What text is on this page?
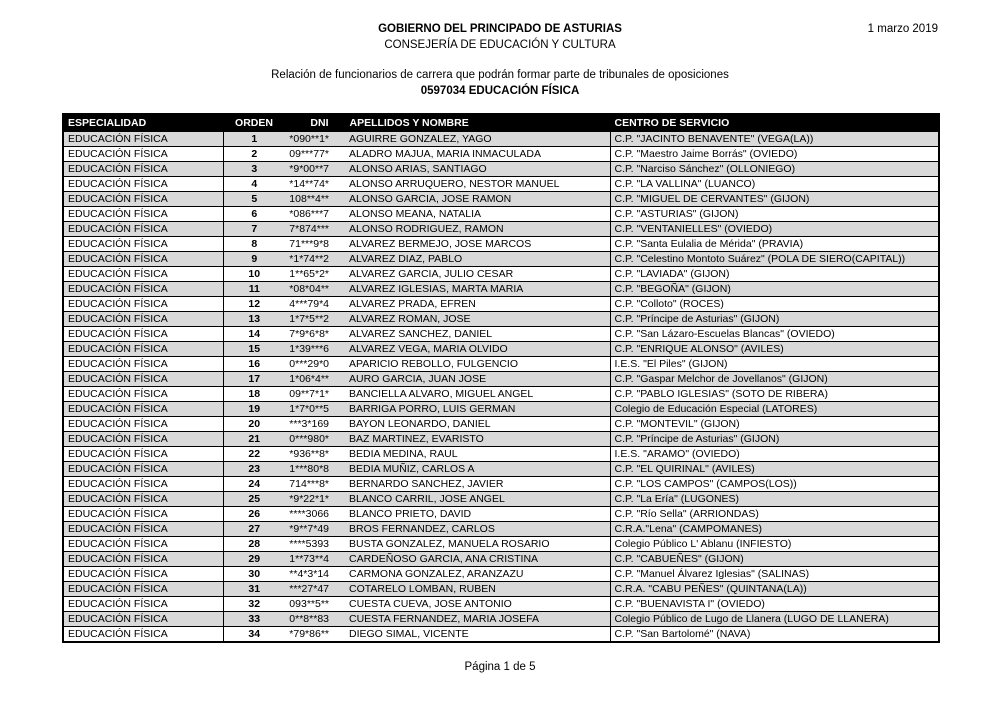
GOBIERNO DEL PRINCIPADO DE ASTURIAS
CONSEJERÍA DE EDUCACIÓN Y CULTURA
1 marzo 2019
Relación de funcionarios de carrera que podrán formar parte de tribunales de oposiciones
0597034 EDUCACIÓN FÍSICA
ESPECIALIDAD	ORDEN	DNI	APELLIDOS Y NOMBRE	CENTRO DE SERVICIO
EDUCACIÓN FÍSICA	1	*090**1*	AGUIRRE GONZALEZ, YAGO	C.P. "JACINTO BENAVENTE" (VEGA(LA))
EDUCACIÓN FÍSICA	2	09***77*	ALADRO MAJUA, MARIA INMACULADA	C.P. "Maestro Jaime Borrás" (OVIEDO)
EDUCACIÓN FÍSICA	3	*9*00**7	ALONSO ARIAS, SANTIAGO	C.P. "Narciso Sánchez" (OLLONIEGO)
EDUCACIÓN FÍSICA	4	*14**74*	ALONSO ARRUQUERO, NESTOR MANUEL	C.P. "LA VALLINA" (LUANCO)
EDUCACIÓN FÍSICA	5	108**4**	ALONSO GARCIA, JOSE RAMON	C.P. "MIGUEL DE CERVANTES" (GIJON)
EDUCACIÓN FÍSICA	6	*086***7	ALONSO MEANA, NATALIA	C.P. "ASTURIAS" (GIJON)
EDUCACIÓN FÍSICA	7	7*874***	ALONSO RODRIGUEZ, RAMON	C.P. "VENTANIELLES" (OVIEDO)
EDUCACIÓN FÍSICA	8	71***9*8	ALVAREZ BERMEJO, JOSE MARCOS	C.P. "Santa Eulalia de Mérida" (PRAVIA)
EDUCACIÓN FÍSICA	9	*1*74**2	ALVAREZ DIAZ, PABLO	C.P. "Celestino Montoto Suárez" (POLA DE SIERO(CAPITAL))
EDUCACIÓN FÍSICA	10	1**65*2*	ALVAREZ GARCIA, JULIO CESAR	C.P. "LAVIADA" (GIJON)
EDUCACIÓN FÍSICA	11	*08*04**	ALVAREZ IGLESIAS, MARTA MARIA	C.P. "BEGOÑA" (GIJON)
EDUCACIÓN FÍSICA	12	4***79*4	ALVAREZ PRADA, EFREN	C.P. "Colloto" (ROCES)
EDUCACIÓN FÍSICA	13	1*7*5**2	ALVAREZ ROMAN, JOSE	C.P. "Príncipe de Asturias" (GIJON)
EDUCACIÓN FÍSICA	14	7*9*6*8*	ALVAREZ SANCHEZ, DANIEL	C.P. "San Lázaro-Escuelas Blancas" (OVIEDO)
EDUCACIÓN FÍSICA	15	1*39***6	ALVAREZ VEGA, MARIA OLVIDO	C.P. "ENRIQUE ALONSO" (AVILES)
EDUCACIÓN FÍSICA	16	0***29*0	APARICIO REBOLLO, FULGENCIO	I.E.S. "El Piles" (GIJON)
EDUCACIÓN FÍSICA	17	1*06*4**	AURO GARCIA, JUAN JOSE	C.P. "Gaspar Melchor de Jovellanos" (GIJON)
EDUCACIÓN FÍSICA	18	09**7*1*	BANCIELLA ALVARO, MIGUEL ANGEL	C.P. "PABLO IGLESIAS" (SOTO DE RIBERA)
EDUCACIÓN FÍSICA	19	1*7*0**5	BARRIGA PORRO, LUIS GERMAN	Colegio de Educación Especial (LATORES)
EDUCACIÓN FÍSICA	20	***3*169	BAYON LEONARDO, DANIEL	C.P. "MONTEVIL" (GIJON)
EDUCACIÓN FÍSICA	21	0***980*	BAZ MARTINEZ, EVARISTO	C.P. "Príncipe de Asturias" (GIJON)
EDUCACIÓN FÍSICA	22	*936**8*	BEDIA MEDINA, RAUL	I.E.S. "ARAMO" (OVIEDO)
EDUCACIÓN FÍSICA	23	1***80*8	BEDIA MUÑIZ, CARLOS A	C.P. "EL QUIRINAL" (AVILES)
EDUCACIÓN FÍSICA	24	714***8*	BERNARDO SANCHEZ, JAVIER	C.P. "LOS CAMPOS" (CAMPOS(LOS))
EDUCACIÓN FÍSICA	25	*9*22*1*	BLANCO CARRIL, JOSE ANGEL	C.P. "La Ería" (LUGONES)
EDUCACIÓN FÍSICA	26	****3066	BLANCO PRIETO, DAVID	C.P. "Río Sella" (ARRIONDAS)
EDUCACIÓN FÍSICA	27	*9**7*49	BROS FERNANDEZ, CARLOS	C.R.A."Lena" (CAMPOMANES)
EDUCACIÓN FÍSICA	28	****5393	BUSTA GONZALEZ, MANUELA ROSARIO	Colegio Público L' Ablanu (INFIESTO)
EDUCACIÓN FÍSICA	29	1**73**4	CARDEÑOSO GARCIA, ANA CRISTINA	C.P. "CABUEÑES" (GIJON)
EDUCACIÓN FÍSICA	30	**4*3*14	CARMONA GONZALEZ, ARANZAZU	C.P. "Manuel Álvarez Iglesias" (SALINAS)
EDUCACIÓN FÍSICA	31	***27*47	COTARELO LOMBAN, RUBEN	C.R.A. "CABU PEÑES" (QUINTANA(LA))
EDUCACIÓN FÍSICA	32	093**5**	CUESTA CUEVA, JOSE ANTONIO	C.P. "BUENAVISTA I" (OVIEDO)
EDUCACIÓN FÍSICA	33	0**8**83	CUESTA FERNANDEZ, MARIA JOSEFA	Colegio Público de Lugo de Llanera (LUGO DE LLANERA)
EDUCACIÓN FÍSICA	34	*79*86**	DIEGO SIMAL, VICENTE	C.P. "San Bartolomé" (NAVA)
Página 1 de 5
